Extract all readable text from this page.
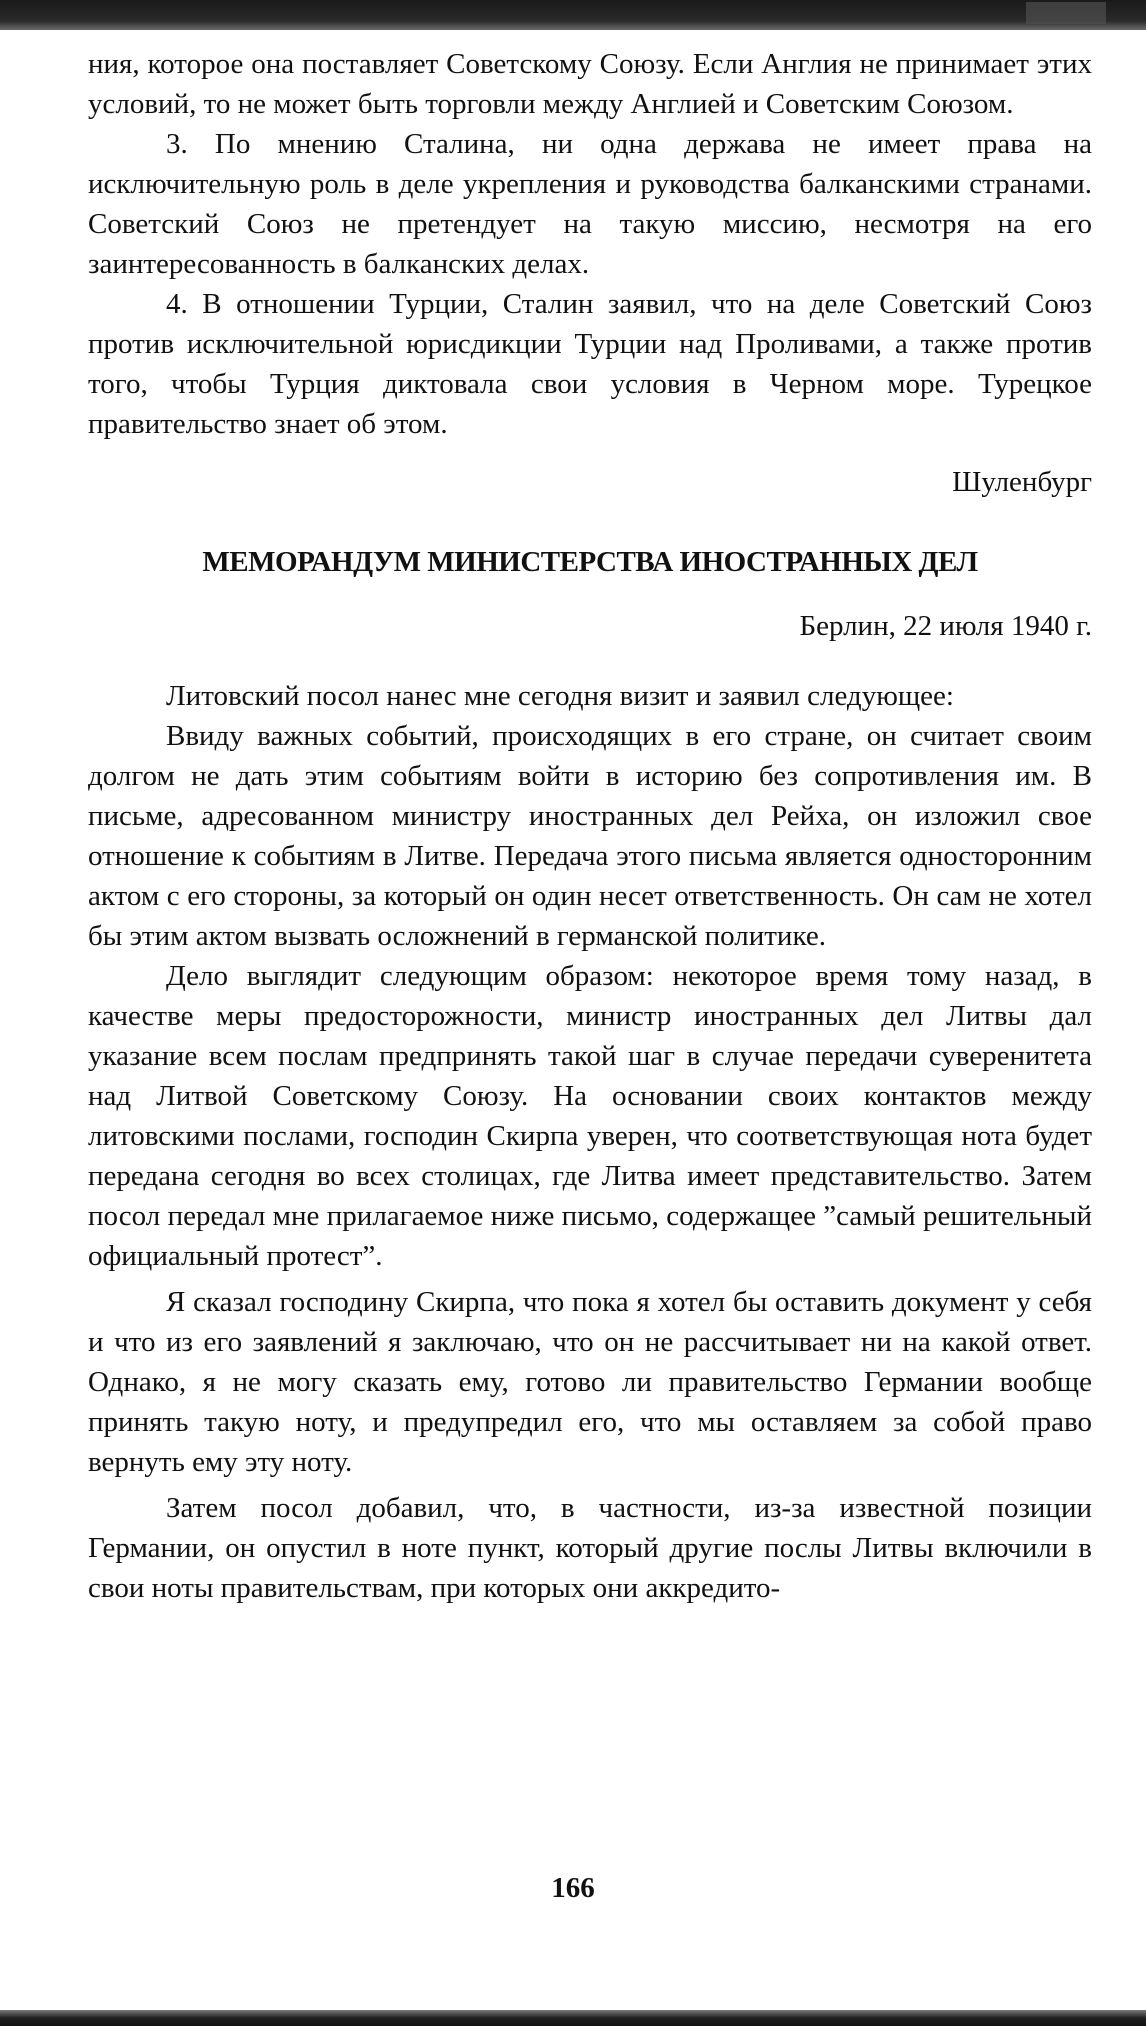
ния, которое она поставляет Советскому Союзу. Если Англия не принимает этих условий, то не может быть торговли между Англией и Советским Союзом.

3. По мнению Сталина, ни одна держава не имеет права на исключительную роль в деле укрепления и руководства балканскими странами. Советский Союз не претендует на такую миссию, несмотря на его заинтересованность в балканских делах.

4. В отношении Турции, Сталин заявил, что на деле Советский Союз против исключительной юрисдикции Турции над Проливами, а также против того, чтобы Турция диктовала свои условия в Черном море. Турецкое правительство знает об этом.

Шуленбург

МЕМОРАНДУМ МИНИСТЕРСТВА ИНОСТРАННЫХ ДЕЛ

Берлин, 22 июля 1940 г.

Литовский посол нанес мне сегодня визит и заявил следующее:

Ввиду важных событий, происходящих в его стране, он считает своим долгом не дать этим событиям войти в историю без сопротивления им. В письме, адресованном министру иностранных дел Рейха, он изложил свое отношение к событиям в Литве. Передача этого письма является односторонним актом с его стороны, за который он один несет ответственность. Он сам не хотел бы этим актом вызвать осложнений в германской политике.

Дело выглядит следующим образом: некоторое время тому назад, в качестве меры предосторожности, министр иностранных дел Литвы дал указание всем послам предпринять такой шаг в случае передачи суверенитета над Литвой Советскому Союзу. На основании своих контактов между литовскими послами, господин Скирпа уверен, что соответствующая нота будет передана сегодня во всех столицах, где Литва имеет представительство. Затем посол передал мне прилагаемое ниже письмо, содержащее ”самый решительный официальный протест”.

Я сказал господину Скирпа, что пока я хотел бы оставить документ у себя и что из его заявлений я заключаю, что он не рассчитывает ни на какой ответ. Однако, я не могу сказать ему, готово ли правительство Германии вообще принять такую ноту, и предупредил его, что мы оставляем за собой право вернуть ему эту ноту.

Затем посол добавил, что, в частности, из-за известной позиции Германии, он опустил в ноте пункт, который другие послы Литвы включили в свои ноты правительствам, при которых они аккредито-

166
